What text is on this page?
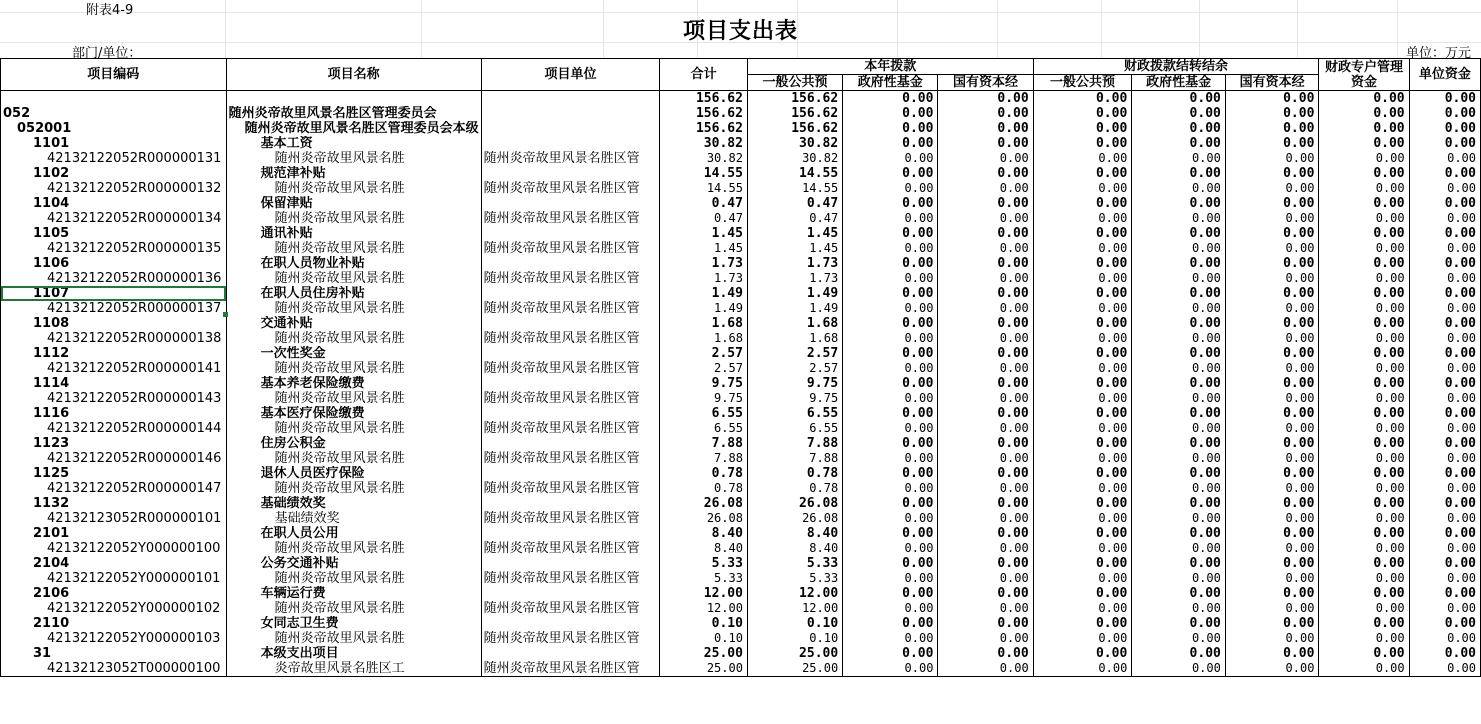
附表4-9
项目支出表
部门/单位：	单位：万元
项目编码	项目名称	项目单位	合计	本年拨款			财政拨款结转结余			财政专户管理资金	单位资金
				一般公共预	政府性基金	国有资本经	一般公共预	政府性基金	国有资本经		
			156.62	156.62	0.00	0.00	0.00	0.00	0.00	0.00	0.00
052	随州炎帝故里风景名胜区管理委员会		156.62	156.62	0.00	0.00	0.00	0.00	0.00	0.00	0.00
052001	随州炎帝故里风景名胜区管理委员会本级		156.62	156.62	0.00	0.00	0.00	0.00	0.00	0.00	0.00
1101	基本工资		30.82	30.82	0.00	0.00	0.00	0.00	0.00	0.00	0.00
42132122052R000000131	随州炎帝故里风景名胜	随州炎帝故里风景名胜区管	30.82	30.82	0.00	0.00	0.00	0.00	0.00	0.00	0.00
1102	规范津补贴		14.55	14.55	0.00	0.00	0.00	0.00	0.00	0.00	0.00
42132122052R000000132	随州炎帝故里风景名胜	随州炎帝故里风景名胜区管	14.55	14.55	0.00	0.00	0.00	0.00	0.00	0.00	0.00
1104	保留津贴		0.47	0.47	0.00	0.00	0.00	0.00	0.00	0.00	0.00
42132122052R000000134	随州炎帝故里风景名胜	随州炎帝故里风景名胜区管	0.47	0.47	0.00	0.00	0.00	0.00	0.00	0.00	0.00
1105	通讯补贴		1.45	1.45	0.00	0.00	0.00	0.00	0.00	0.00	0.00
42132122052R000000135	随州炎帝故里风景名胜	随州炎帝故里风景名胜区管	1.45	1.45	0.00	0.00	0.00	0.00	0.00	0.00	0.00
1106	在职人员物业补贴		1.73	1.73	0.00	0.00	0.00	0.00	0.00	0.00	0.00
42132122052R000000136	随州炎帝故里风景名胜	随州炎帝故里风景名胜区管	1.73	1.73	0.00	0.00	0.00	0.00	0.00	0.00	0.00
1107	在职人员住房补贴		1.49	1.49	0.00	0.00	0.00	0.00	0.00	0.00	0.00
42132122052R000000137	随州炎帝故里风景名胜	随州炎帝故里风景名胜区管	1.49	1.49	0.00	0.00	0.00	0.00	0.00	0.00	0.00
1108	交通补贴		1.68	1.68	0.00	0.00	0.00	0.00	0.00	0.00	0.00
42132122052R000000138	随州炎帝故里风景名胜	随州炎帝故里风景名胜区管	1.68	1.68	0.00	0.00	0.00	0.00	0.00	0.00	0.00
1112	一次性奖金		2.57	2.57	0.00	0.00	0.00	0.00	0.00	0.00	0.00
42132122052R000000141	随州炎帝故里风景名胜	随州炎帝故里风景名胜区管	2.57	2.57	0.00	0.00	0.00	0.00	0.00	0.00	0.00
1114	基本养老保险缴费		9.75	9.75	0.00	0.00	0.00	0.00	0.00	0.00	0.00
42132122052R000000143	随州炎帝故里风景名胜	随州炎帝故里风景名胜区管	9.75	9.75	0.00	0.00	0.00	0.00	0.00	0.00	0.00
1116	基本医疗保险缴费		6.55	6.55	0.00	0.00	0.00	0.00	0.00	0.00	0.00
42132122052R000000144	随州炎帝故里风景名胜	随州炎帝故里风景名胜区管	6.55	6.55	0.00	0.00	0.00	0.00	0.00	0.00	0.00
1123	住房公积金		7.88	7.88	0.00	0.00	0.00	0.00	0.00	0.00	0.00
42132122052R000000146	随州炎帝故里风景名胜	随州炎帝故里风景名胜区管	7.88	7.88	0.00	0.00	0.00	0.00	0.00	0.00	0.00
1125	退休人员医疗保险		0.78	0.78	0.00	0.00	0.00	0.00	0.00	0.00	0.00
42132122052R000000147	随州炎帝故里风景名胜	随州炎帝故里风景名胜区管	0.78	0.78	0.00	0.00	0.00	0.00	0.00	0.00	0.00
1132	基础绩效奖		26.08	26.08	0.00	0.00	0.00	0.00	0.00	0.00	0.00
42132123052R000000101	基础绩效奖	随州炎帝故里风景名胜区管	26.08	26.08	0.00	0.00	0.00	0.00	0.00	0.00	0.00
2101	在职人员公用		8.40	8.40	0.00	0.00	0.00	0.00	0.00	0.00	0.00
42132122052Y000000100	随州炎帝故里风景名胜	随州炎帝故里风景名胜区管	8.40	8.40	0.00	0.00	0.00	0.00	0.00	0.00	0.00
2104	公务交通补贴		5.33	5.33	0.00	0.00	0.00	0.00	0.00	0.00	0.00
42132122052Y000000101	随州炎帝故里风景名胜	随州炎帝故里风景名胜区管	5.33	5.33	0.00	0.00	0.00	0.00	0.00	0.00	0.00
2106	车辆运行费		12.00	12.00	0.00	0.00	0.00	0.00	0.00	0.00	0.00
42132122052Y000000102	随州炎帝故里风景名胜	随州炎帝故里风景名胜区管	12.00	12.00	0.00	0.00	0.00	0.00	0.00	0.00	0.00
2110	女同志卫生费		0.10	0.10	0.00	0.00	0.00	0.00	0.00	0.00	0.00
42132122052Y000000103	随州炎帝故里风景名胜	随州炎帝故里风景名胜区管	0.10	0.10	0.00	0.00	0.00	0.00	0.00	0.00	0.00
31	本级支出项目		25.00	25.00	0.00	0.00	0.00	0.00	0.00	0.00	0.00
42132123052T000000100	炎帝故里风景名胜区工	随州炎帝故里风景名胜区管	25.00	25.00	0.00	0.00	0.00	0.00	0.00	0.00	0.00
